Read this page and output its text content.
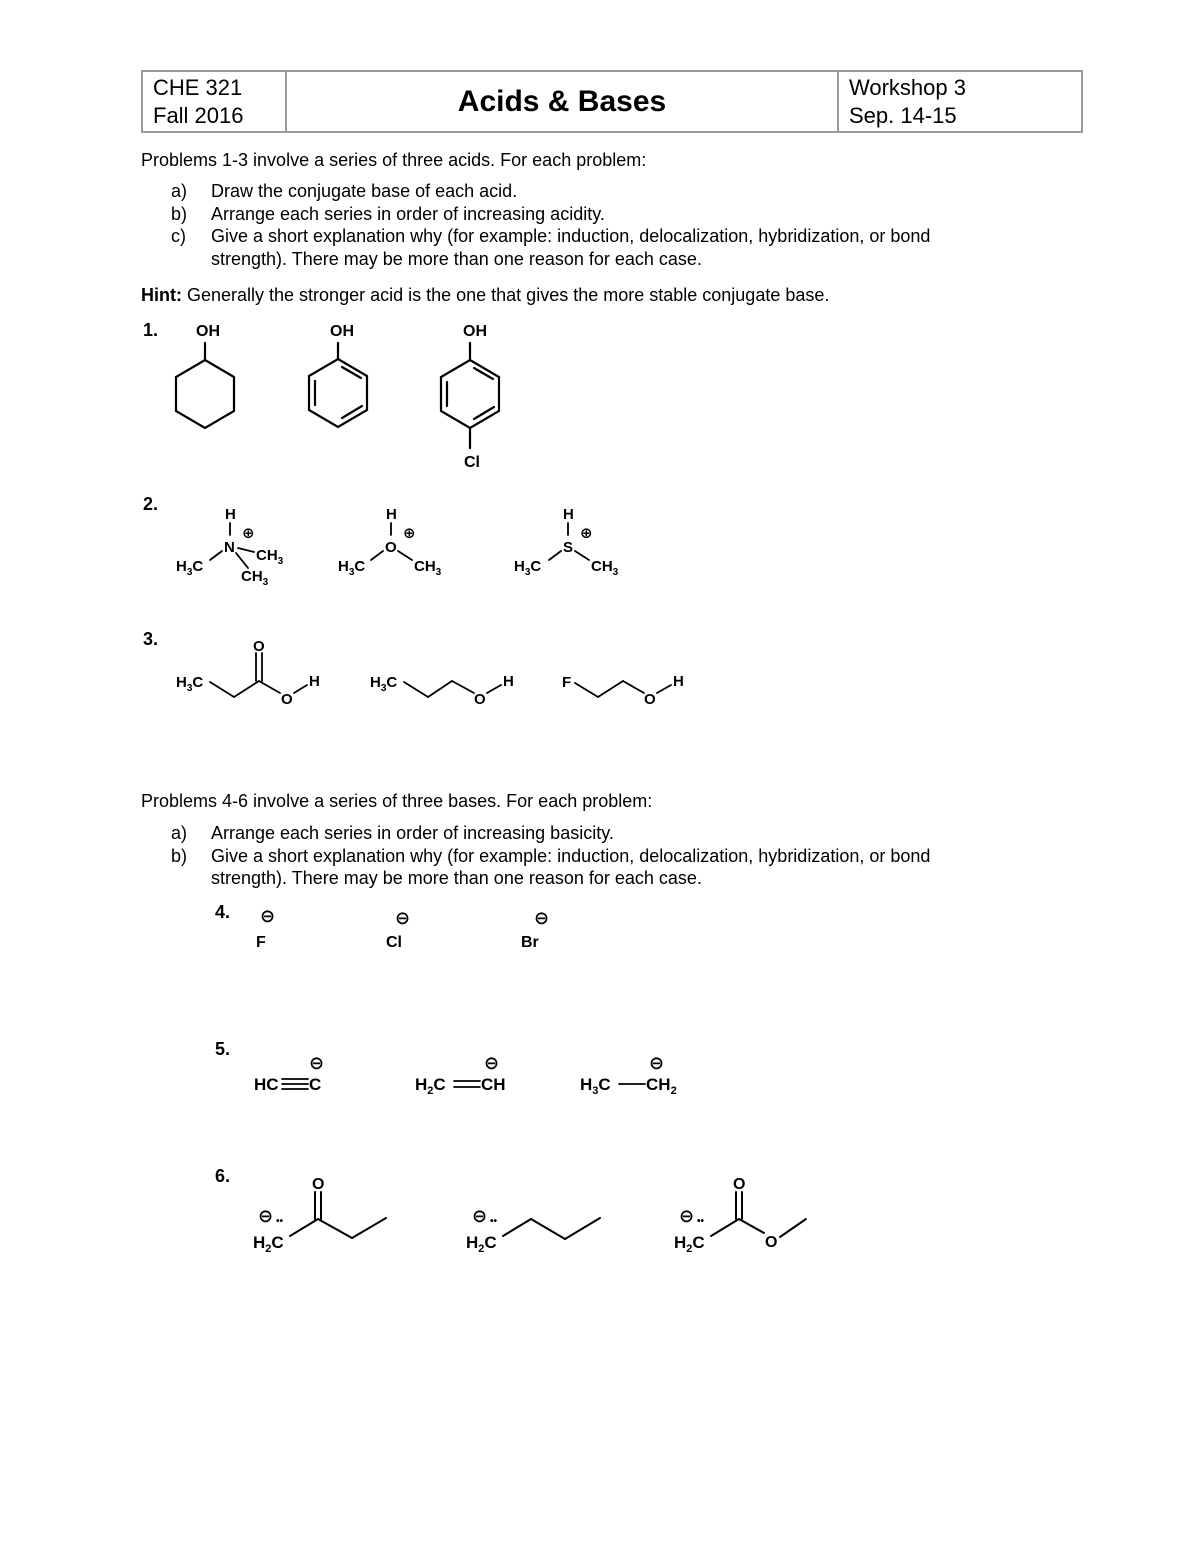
CHE 321
Fall 2016	Acids & Bases	Workshop 3
Sep. 14-15
Problems 1-3 involve a series of three acids. For each problem:
a) Draw the conjugate base of each acid.
b) Arrange each series in order of increasing acidity.
c) Give a short explanation why (for example: induction, delocalization, hybridization, or bond
strength). There may be more than one reason for each case.
Hint: Generally the stronger acid is the one that gives the more stable conjugate base.
Problems 4-6 involve a series of three bases. For each problem:
a) Arrange each series in order of increasing basicity.
b) Give a short explanation why (for example: induction, delocalization, hybridization, or bond
strength). There may be more than one reason for each case.
1. OH	OH	OH
Cl
2.
H
N
⊕
$H_3C$
$CH_3$
$CH_3$
H
O
⊕
$H_3C$	$CH_3$
H
S
⊕
$H_3C$	$CH_3$
3.
$H_3C$
O
O
H	$H_3C$
O
H	F
O
H
4. ⊖
F
⊖
Cl
⊖
Br
5.
⊖
HC C
⊖
$H_2C$ CH
⊖
$H_3C$ $CH_2$
6.
⊖ ••
$H_2C$
O
⊖ ••
$H_2C$
⊖ ••
$H_2C$
O
O
